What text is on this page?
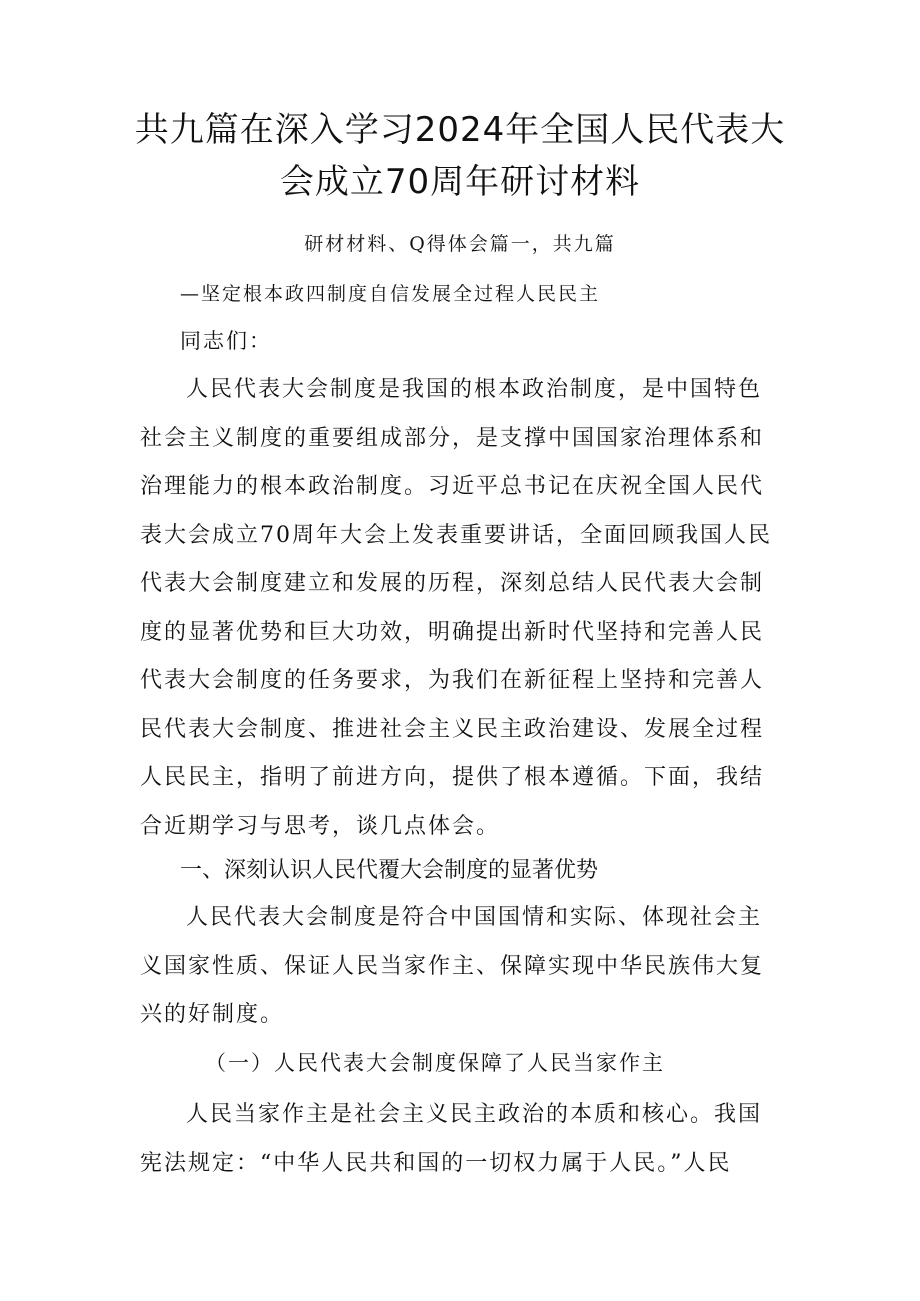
共九篇在深入学习2024年全国人民代表大
会成立70周年研讨材料
研材材料、Q得体会篇一，共九篇
—坚定根本政四制度自信发展全过程人民民主
同志们：
人民代表大会制度是我国的根本政治制度，是中国特色
社会主义制度的重要组成部分，是支撑中国国家治理体系和
治理能力的根本政治制度。习近平总书记在庆祝全国人民代
表大会成立70周年大会上发表重要讲话，全面回顾我国人民
代表大会制度建立和发展的历程，深刻总结人民代表大会制
度的显著优势和巨大功效，明确提出新时代坚持和完善人民
代表大会制度的任务要求，为我们在新征程上坚持和完善人
民代表大会制度、推进社会主义民主政治建设、发展全过程
人民民主，指明了前进方向，提供了根本遵循。下面，我结
合近期学习与思考，谈几点体会。
一、深刻认识人民代覆大会制度的显著优势
人民代表大会制度是符合中国国情和实际、体现社会主
义国家性质、保证人民当家作主、保障实现中华民族伟大复
兴的好制度。
（一）人民代表大会制度保障了人民当家作主
人民当家作主是社会主义民主政治的本质和核心。我国
宪法规定：“中华人民共和国的一切权力属于人民。”人民
